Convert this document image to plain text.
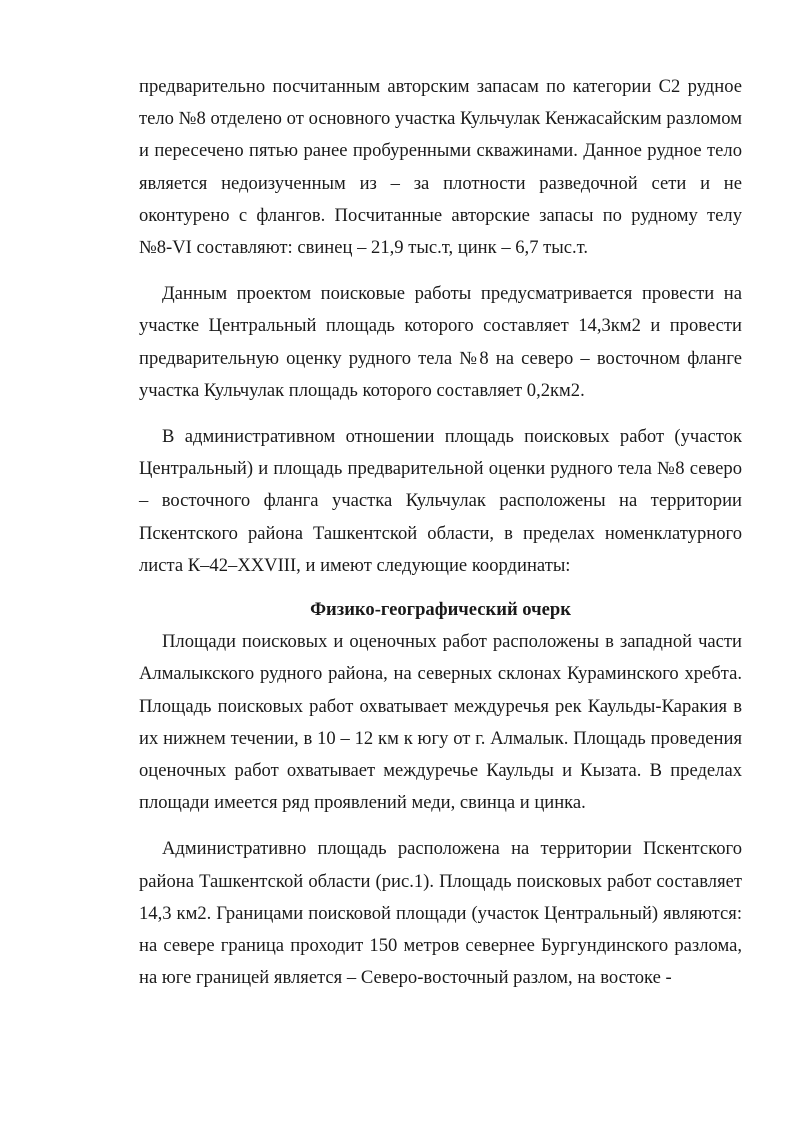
предварительно посчитанным авторским запасам по категории С2 рудное тело №8 отделено от основного участка Кульчулак Кенжасайским разломом и пересечено пятью ранее пробуренными скважинами. Данное рудное тело является недоизученным из – за плотности разведочной сети и не оконтурено с флангов. Посчитанные авторские запасы по рудному телу №8-VI составляют: свинец – 21,9 тыс.т, цинк – 6,7 тыс.т.

Данным проектом поисковые работы предусматривается провести на участке Центральный площадь которого составляет 14,3км2 и провести предварительную оценку рудного тела №8 на северо – восточном фланге участка Кульчулак площадь которого составляет 0,2км2.

В административном отношении площадь поисковых работ (участок Центральный) и площадь предварительной оценки рудного тела №8 северо – восточного фланга участка Кульчулак расположены на территории Пскентского района Ташкентской области, в пределах номенклатурного листа К–42–XXVIII, и имеют следующие координаты:

Физико-географический очерк

Площади поисковых и оценочных работ расположены в западной части Алмалыкского рудного района, на северных склонах Кураминского хребта. Площадь поисковых работ охватывает междуречья рек Каульды-Каракия в их нижнем течении, в 10 – 12 км к югу от г. Алмалык. Площадь проведения оценочных работ охватывает междуречье Каульды и Кызата. В пределах площади имеется ряд проявлений меди, свинца и цинка.

Административно площадь расположена на территории Пскентского района Ташкентской области (рис.1). Площадь поисковых работ составляет 14,3 км2. Границами поисковой площади (участок Центральный) являются: на севере граница проходит 150 метров севернее Бургундинского разлома, на юге границей является – Северо-восточный разлом, на востоке -
